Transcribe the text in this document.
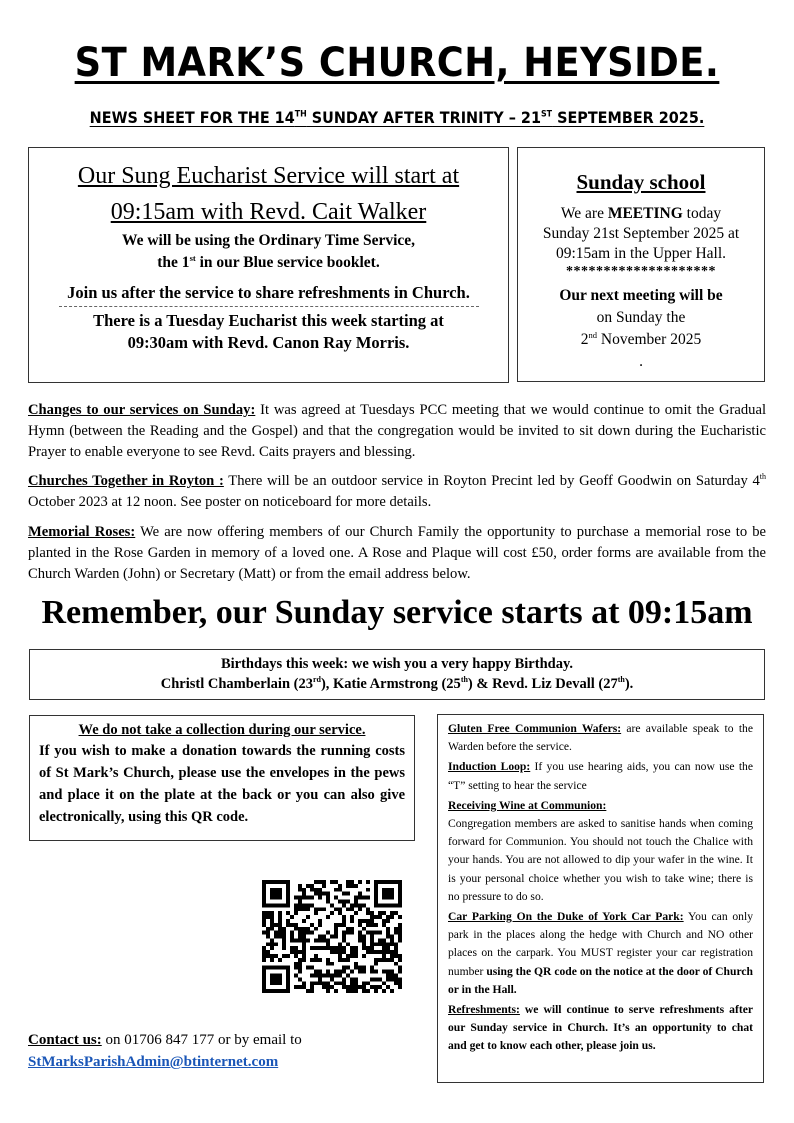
ST MARK’S CHURCH, HEYSIDE.
NEWS SHEET FOR THE 14TH SUNDAY AFTER TRINITY – 21ST SEPTEMBER 2025.
Our Sung Eucharist Service will start at
09:15am with Revd. Cait Walker
We will be using the Ordinary Time Service,
the 1st in our Blue service booklet.
Join us after the service to share refreshments in Church.
There is a Tuesday Eucharist this week starting at
09:30am with Revd. Canon Ray Morris.
Sunday school
We are MEETING today
Sunday 21st September 2025 at
09:15am in the Upper Hall.
********************
Our next meeting will be
on Sunday the
2nd November 2025
.
Changes to our services on Sunday: It was agreed at Tuesdays PCC meeting that we would continue to omit the Gradual Hymn (between the Reading and the Gospel) and that the congregation would be invited to sit down during the Eucharistic Prayer to enable everyone to see Revd. Caits prayers and blessing.
Churches Together in Royton : There will be an outdoor service in Royton Precint led by Geoff Goodwin on Saturday 4th October 2023 at 12 noon. See poster on noticeboard for more details.
Memorial Roses: We are now offering members of our Church Family the opportunity to purchase a memorial rose to be planted in the Rose Garden in memory of a loved one. A Rose and Plaque will cost £50, order forms are available from the Church Warden (John) or Secretary (Matt) or from the email address below.
Remember, our Sunday service starts at 09:15am
Birthdays this week: we wish you a very happy Birthday.
Christl Chamberlain (23rd), Katie Armstrong (25th) & Revd. Liz Devall (27th).
We do not take a collection during our service.
If you wish to make a donation towards the running costs of St Mark’s Church, please use the envelopes in the pews and place it on the plate at the back or you can also give electronically, using this QR code.
Contact us: on 01706 847 177 or by email to
StMarksParishAdmin@btinternet.com
Gluten Free Communion Wafers: are available speak to the Warden before the service.
Induction Loop: If you use hearing aids, you can now use the “T” setting to hear the service
Receiving Wine at Communion:
Congregation members are asked to sanitise hands when coming forward for Communion. You should not touch the Chalice with your hands. You are not allowed to dip your wafer in the wine. It is your personal choice whether you wish to take wine; there is no pressure to do so.
Car Parking On the Duke of York Car Park: You can only park in the places along the hedge with Church and NO other places on the carpark. You MUST register your car registration number using the QR code on the notice at the door of Church or in the Hall.
Refreshments: we will continue to serve refreshments after our Sunday service in Church. It’s an opportunity to chat and get to know each other, please join us.
